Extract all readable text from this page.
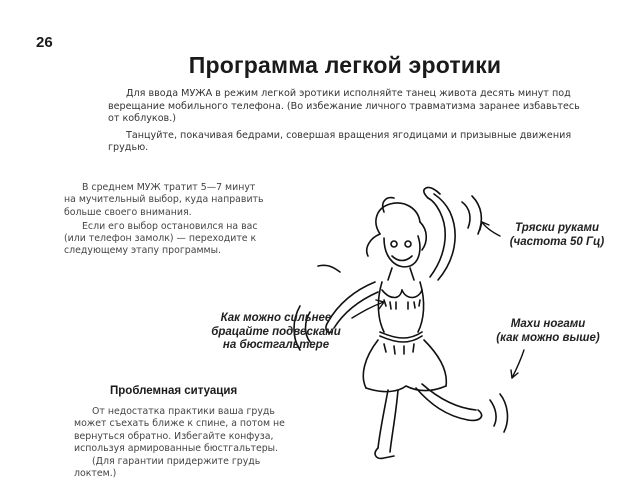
26
Программа легкой эротики

Для ввода МУЖА в режим легкой эротики исполняйте танец живота десять минут под верещание мобильного телефона. (Во избежание личного травматизма заранее избавьтесь от коблуков.)

Танцуйте, покачивая бедрами, совершая вращения ягодицами и призывные движения грудью.

В среднем МУЖ тратит 5—7 минут на мучительный выбор, куда направить больше своего внимания.

Если его выбор остановился на вас (или телефон замолк) — переходите к следующему этапу программы.

Тряски руками
(частота 50 Гц)
Как можно сильнее
брацайте подвесками
на бюстгальтере
Махи ногами
(как можно выше)
Проблемная ситуация

От недостатка практики ваша грудь может съехать ближе к спине, а потом не вернуться обратно. Избегайте конфуза, используя армированные бюстгальтеры.

(Для гарантии придержите грудь локтем.)
